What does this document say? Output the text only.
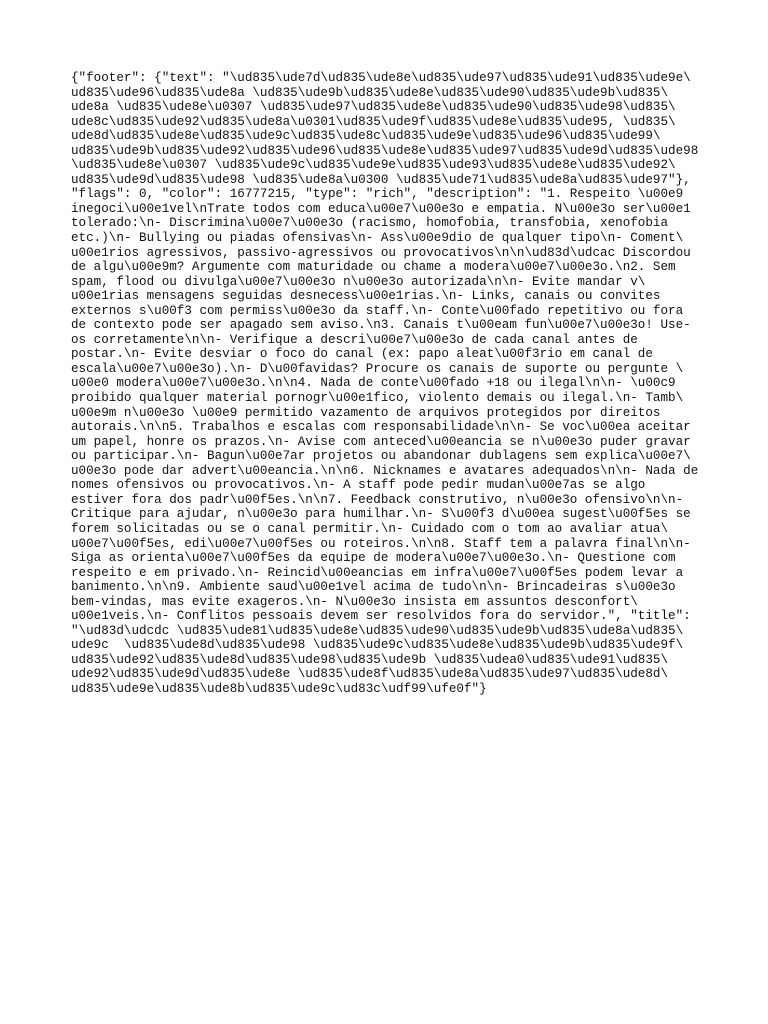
{"footer": {"text": "\ud835\ude7d\ud835\ude8e\ud835\ude97\ud835\ude91\ud835\ude9e\
ud835\ude96\ud835\ude8a \ud835\ude9b\ud835\ude8e\ud835\ude90\ud835\ude9b\ud835\
ude8a \ud835\ude8e\u0307 \ud835\ude97\ud835\ude8e\ud835\ude90\ud835\ude98\ud835\
ude8c\ud835\ude92\ud835\ude8a\u0301\ud835\ude9f\ud835\ude8e\ud835\ude95, \ud835\
ude8d\ud835\ude8e\ud835\ude9c\ud835\ude8c\ud835\ude9e\ud835\ude96\ud835\ude99\
ud835\ude9b\ud835\ude92\ud835\ude96\ud835\ude8e\ud835\ude97\ud835\ude9d\ud835\ude98
\ud835\ude8e\u0307 \ud835\ude9c\ud835\ude9e\ud835\ude93\ud835\ude8e\ud835\ude92\
ud835\ude9d\ud835\ude98 \ud835\ude8a\u0300 \ud835\ude71\ud835\ude8a\ud835\ude97"},
"flags": 0, "color": 16777215, "type": "rich", "description": "1. Respeito \u00e9
inegoci\u00e1vel\nTrate todos com educa\u00e7\u00e3o e empatia. N\u00e3o ser\u00e1
tolerado:\n- Discrimina\u00e7\u00e3o (racismo, homofobia, transfobia, xenofobia
etc.)\n- Bullying ou piadas ofensivas\n- Ass\u00e9dio de qualquer tipo\n- Coment\
u00e1rios agressivos, passivo-agressivos ou provocativos\n\n\ud83d\udcac Discordou
de algu\u00e9m? Argumente com maturidade ou chame a modera\u00e7\u00e3o.\n2. Sem
spam, flood ou divulga\u00e7\u00e3o n\u00e3o autorizada\n\n- Evite mandar v\
u00e1rias mensagens seguidas desnecess\u00e1rias.\n- Links, canais ou convites
externos s\u00f3 com permiss\u00e3o da staff.\n- Conte\u00fado repetitivo ou fora
de contexto pode ser apagado sem aviso.\n3. Canais t\u00eam fun\u00e7\u00e3o! Use-
os corretamente\n\n- Verifique a descri\u00e7\u00e3o de cada canal antes de
postar.\n- Evite desviar o foco do canal (ex: papo aleat\u00f3rio em canal de
escala\u00e7\u00e3o).\n- D\u00favidas? Procure os canais de suporte ou pergunte \
u00e0 modera\u00e7\u00e3o.\n\n4. Nada de conte\u00fado +18 ou ilegal\n\n- \u00c9
proibido qualquer material pornogr\u00e1fico, violento demais ou ilegal.\n- Tamb\
u00e9m n\u00e3o \u00e9 permitido vazamento de arquivos protegidos por direitos
autorais.\n\n5. Trabalhos e escalas com responsabilidade\n\n- Se voc\u00ea aceitar
um papel, honre os prazos.\n- Avise com anteced\u00eancia se n\u00e3o puder gravar
ou participar.\n- Bagun\u00e7ar projetos ou abandonar dublagens sem explica\u00e7\
u00e3o pode dar advert\u00eancia.\n\n6. Nicknames e avatares adequados\n\n- Nada de
nomes ofensivos ou provocativos.\n- A staff pode pedir mudan\u00e7as se algo
estiver fora dos padr\u00f5es.\n\n7. Feedback construtivo, n\u00e3o ofensivo\n\n-
Critique para ajudar, n\u00e3o para humilhar.\n- S\u00f3 d\u00ea sugest\u00f5es se
forem solicitadas ou se o canal permitir.\n- Cuidado com o tom ao avaliar atua\
u00e7\u00f5es, edi\u00e7\u00f5es ou roteiros.\n\n8. Staff tem a palavra final\n\n-
Siga as orienta\u00e7\u00f5es da equipe de modera\u00e7\u00e3o.\n- Questione com
respeito e em privado.\n- Reincid\u00eancias em infra\u00e7\u00f5es podem levar a
banimento.\n\n9. Ambiente saud\u00e1vel acima de tudo\n\n- Brincadeiras s\u00e3o
bem-vindas, mas evite exageros.\n- N\u00e3o insista em assuntos desconfort\
u00e1veis.\n- Conflitos pessoais devem ser resolvidos fora do servidor.", "title":
"\ud83d\udcdc \ud835\ude81\ud835\ude8e\ud835\ude90\ud835\ude9b\ud835\ude8a\ud835\
ude9c  \ud835\ude8d\ud835\ude98 \ud835\ude9c\ud835\ude8e\ud835\ude9b\ud835\ude9f\
ud835\ude92\ud835\ude8d\ud835\ude98\ud835\ude9b \ud835\udea0\ud835\ude91\ud835\
ude92\ud835\ude9d\ud835\ude8e \ud835\ude8f\ud835\ude8a\ud835\ude97\ud835\ude8d\
ud835\ude9e\ud835\ude8b\ud835\ude9c\ud83c\udf99\ufe0f"}
